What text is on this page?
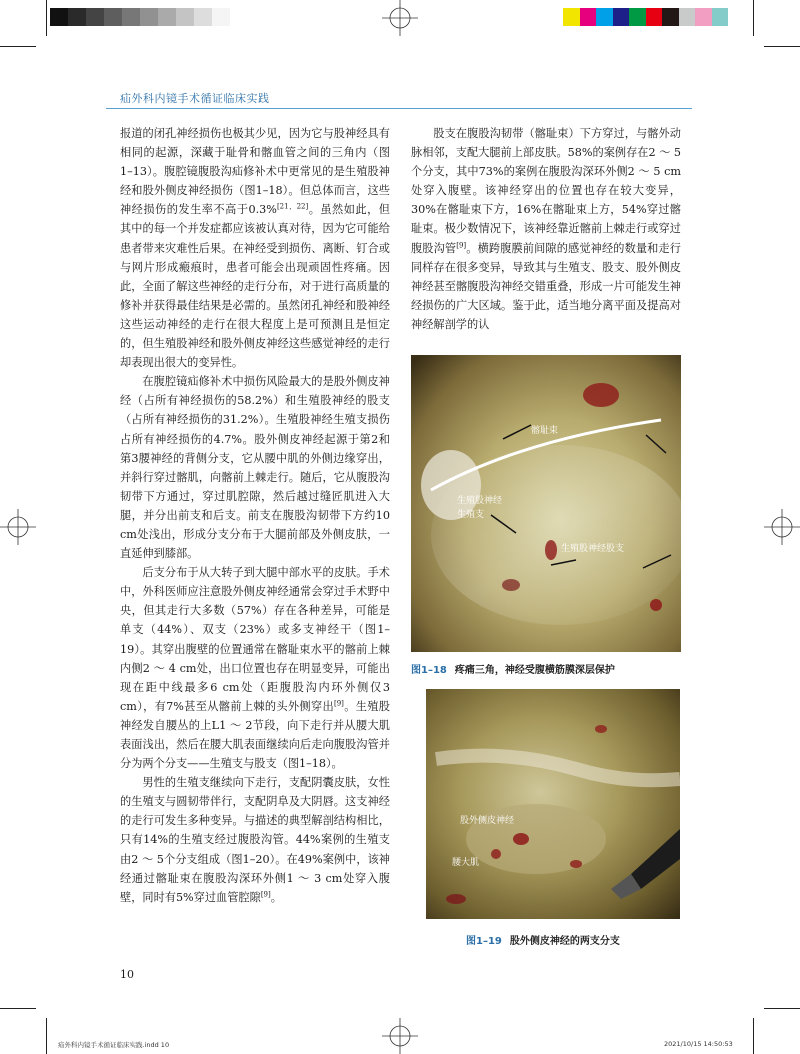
疝外科内镜手术循证临床实践

报道的闭孔神经损伤也极其少见，因为它与股神经具有相同的起源，深藏于耻骨和髂血管之间的三角内（图1–13）。腹腔镜腹股沟疝修补术中更常见的是生殖股神经和股外侧皮神经损伤（图1–18）。但总体而言，这些神经损伤的发生率不高于0.3%[21，22]。虽然如此，但其中的每一个并发症都应该被认真对待，因为它可能给患者带来灾难性后果。在神经受到损伤、离断、钉合或与网片形成瘢痕时，患者可能会出现顽固性疼痛。因此，全面了解这些神经的走行分布，对于进行高质量的修补并获得最佳结果是必需的。虽然闭孔神经和股神经这些运动神经的走行在很大程度上是可预测且是恒定的，但生殖股神经和股外侧皮神经这些感觉神经的走行却表现出很大的变异性。

在腹腔镜疝修补术中损伤风险最大的是股外侧皮神经（占所有神经损伤的58.2%）和生殖股神经的股支（占所有神经损伤的31.2%）。生殖股神经生殖支损伤占所有神经损伤的4.7%。股外侧皮神经起源于第2和第3腰神经的背侧分支，它从腰中肌的外侧边缘穿出，并斜行穿过髂肌，向髂前上棘走行。随后，它从腹股沟韧带下方通过，穿过肌腔隙，然后越过缝匠肌进入大腿，并分出前支和后支。前支在腹股沟韧带下方约10 cm处浅出，形成分支分布于大腿前部及外侧皮肤，一直延伸到膝部。

后支分布于从大转子到大腿中部水平的皮肤。手术中，外科医师应注意股外侧皮神经通常会穿过手术野中央，但其走行大多数（57%）存在各种差异，可能是单支（44%）、双支（23%）或多支神经干（图1–19）。其穿出腹壁的位置通常在髂耻束水平的髂前上棘内侧2 ～ 4 cm处，出口位置也存在明显变异，可能出现在距中线最多6 cm处（距腹股沟内环外侧仅3 cm），有7%甚至从髂前上棘的头外侧穿出[9]。生殖股神经发自腰丛的上L1 ～ 2节段，向下走行并从腰大肌表面浅出，然后在腰大肌表面继续向后走向腹股沟管并分为两个分支——生殖支与股支（图1–18）。

男性的生殖支继续向下走行，支配阴囊皮肤，女性的生殖支与圆韧带伴行，支配阴阜及大阴唇。这支神经的走行可发生多种变异。与描述的典型解剖结构相比，只有14%的生殖支经过腹股沟管。44%案例的生殖支由2 ～ 5个分支组成（图1–20）。在49%案例中，该神经通过髂耻束在腹股沟深环外侧1 ～ 3 cm处穿入腹壁，同时有5%穿过血管腔隙[9]。

股支在腹股沟韧带（髂耻束）下方穿过，与髂外动脉相邻，支配大腿前上部皮肤。58%的案例存在2 ～ 5个分支，其中73%的案例在腹股沟深环外侧2 ～ 5 cm处穿入腹壁。该神经穿出的位置也存在较大变异，30%在髂耻束下方，16%在髂耻束上方，54%穿过髂耻束。极少数情况下，该神经靠近髂前上棘走行或穿过腹股沟管[9]。横跨腹膜前间隙的感觉神经的数量和走行同样存在很多变异，导致其与生殖支、股支、股外侧皮神经甚至髂腹股沟神经交错重叠，形成一片可能发生神经损伤的广大区域。鉴于此，适当地分离平面及提高对神经解剖学的认

髂耻束
生殖股神经
生殖支
生殖股神经股支
图1–18 疼痛三角，神经受腹横筋膜深层保护
股外侧皮神经
腰大肌
图1–19 股外侧皮神经的两支分支
10
疝外科内镜手术循证临床实践.indd 10	2021/10/15 14:50:53
